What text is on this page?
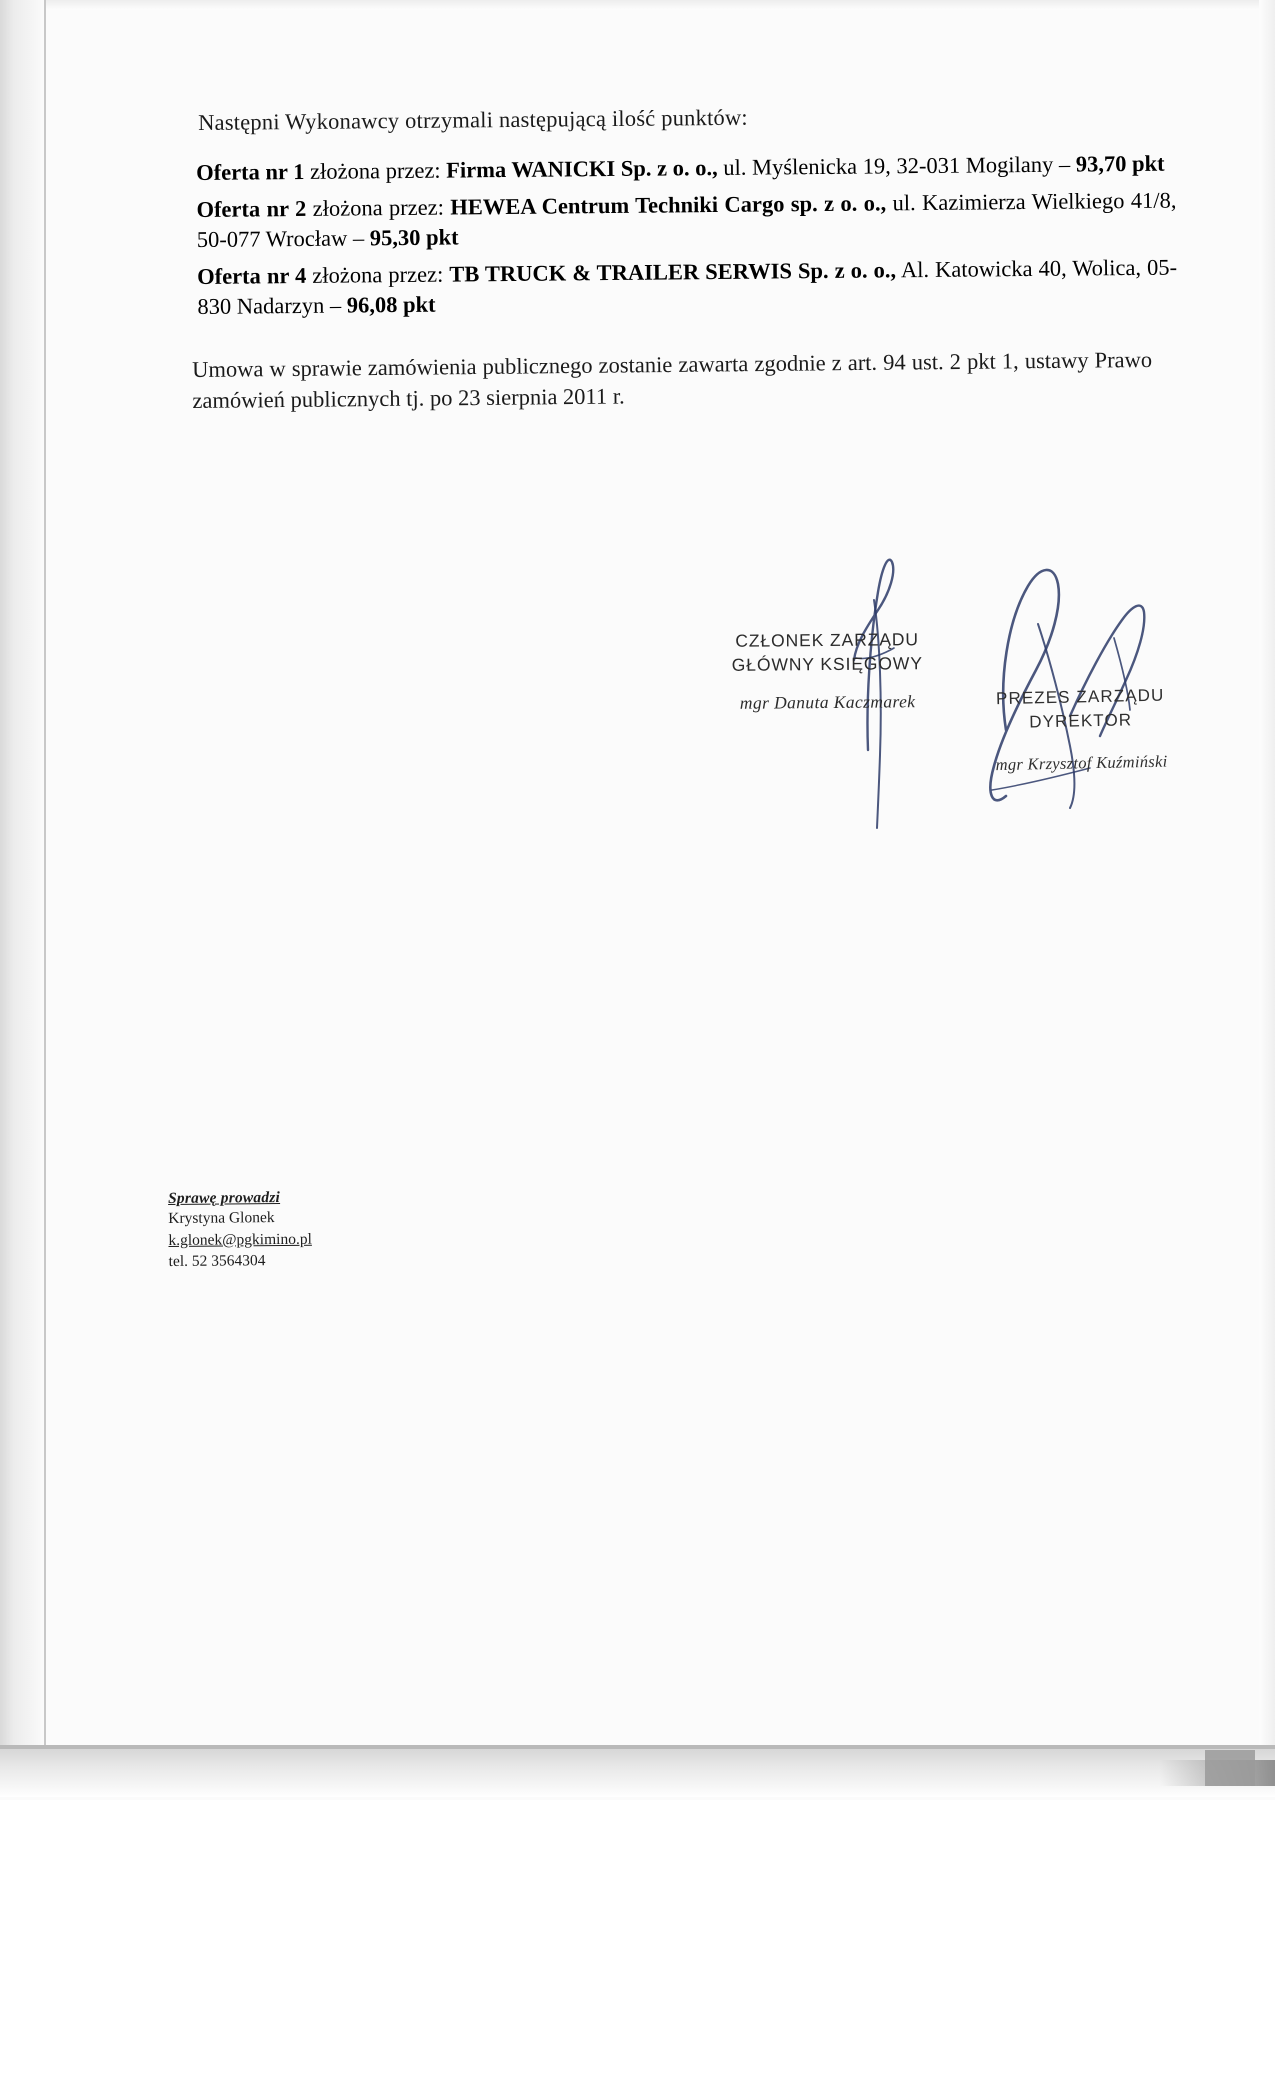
Następni Wykonawcy otrzymali następującą ilość punktów:
Oferta nr 1 złożona przez: Firma WANICKI Sp. z o. o., ul. Myślenicka 19, 32-031 Mogilany – 93,70 pkt
Oferta nr 2 złożona przez: HEWEA Centrum Techniki Cargo sp. z o. o., ul. Kazimierza Wielkiego 41/8, 50-077 Wrocław – 95,30 pkt
Oferta nr 4 złożona przez: TB TRUCK & TRAILER SERWIS Sp. z o. o., Al. Katowicka 40, Wolica, 05-830 Nadarzyn – 96,08 pkt
Umowa w sprawie zamówienia publicznego zostanie zawarta zgodnie z art. 94 ust. 2 pkt 1, ustawy Prawo zamówień publicznych tj. po 23 sierpnia 2011 r.
CZŁONEK ZARZĄDU
GŁÓWNY KSIĘGOWY
mgr Danuta Kaczmarek	PREZES ZARZĄDU
DYREKTOR
mgr Krzysztof Kuźmiński
Sprawę prowadzi
Krystyna Glonek
k.glonek@pgkimino.pl
tel. 52 3564304
